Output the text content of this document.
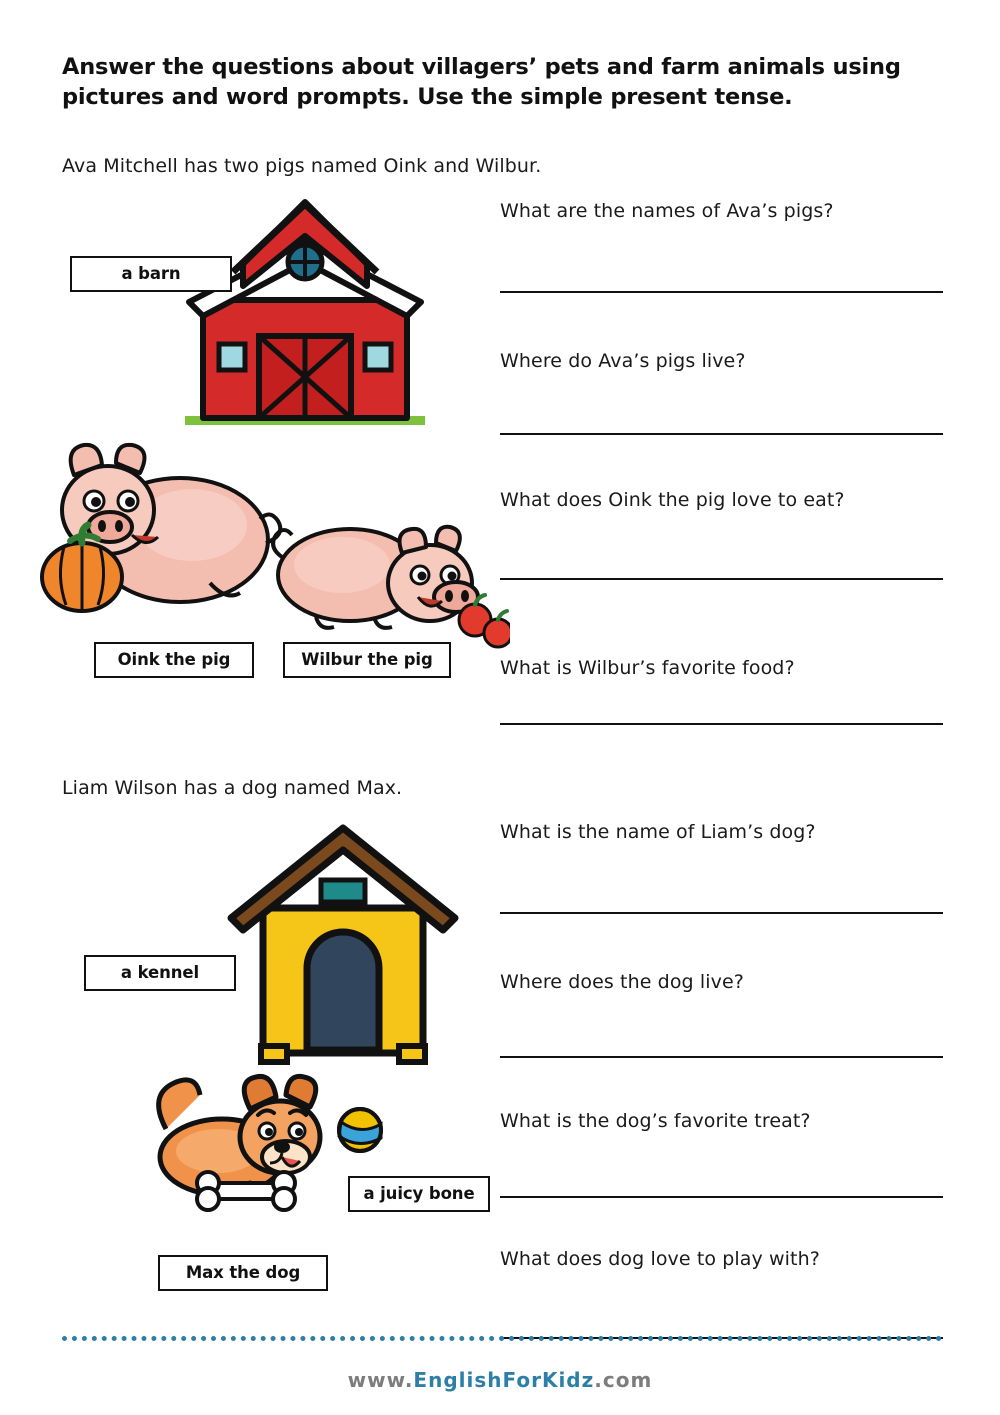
Answer the questions about villagers’ pets and farm animals using pictures and word prompts. Use the simple present tense.
Ava Mitchell has two pigs named Oink and Wilbur.
a barn
Oink the pig	Wilbur the pig
What are the names of Ava’s pigs?
Where do Ava’s pigs live?
What does Oink the pig love to eat?
What is Wilbur’s favorite food?
Liam Wilson has a dog named Max.
a kennel
a juicy bone
Max the dog
What is the name of Liam’s dog?
Where does the dog live?
What is the dog’s favorite treat?
What does dog love to play with?
www.EnglishForKidz.com
